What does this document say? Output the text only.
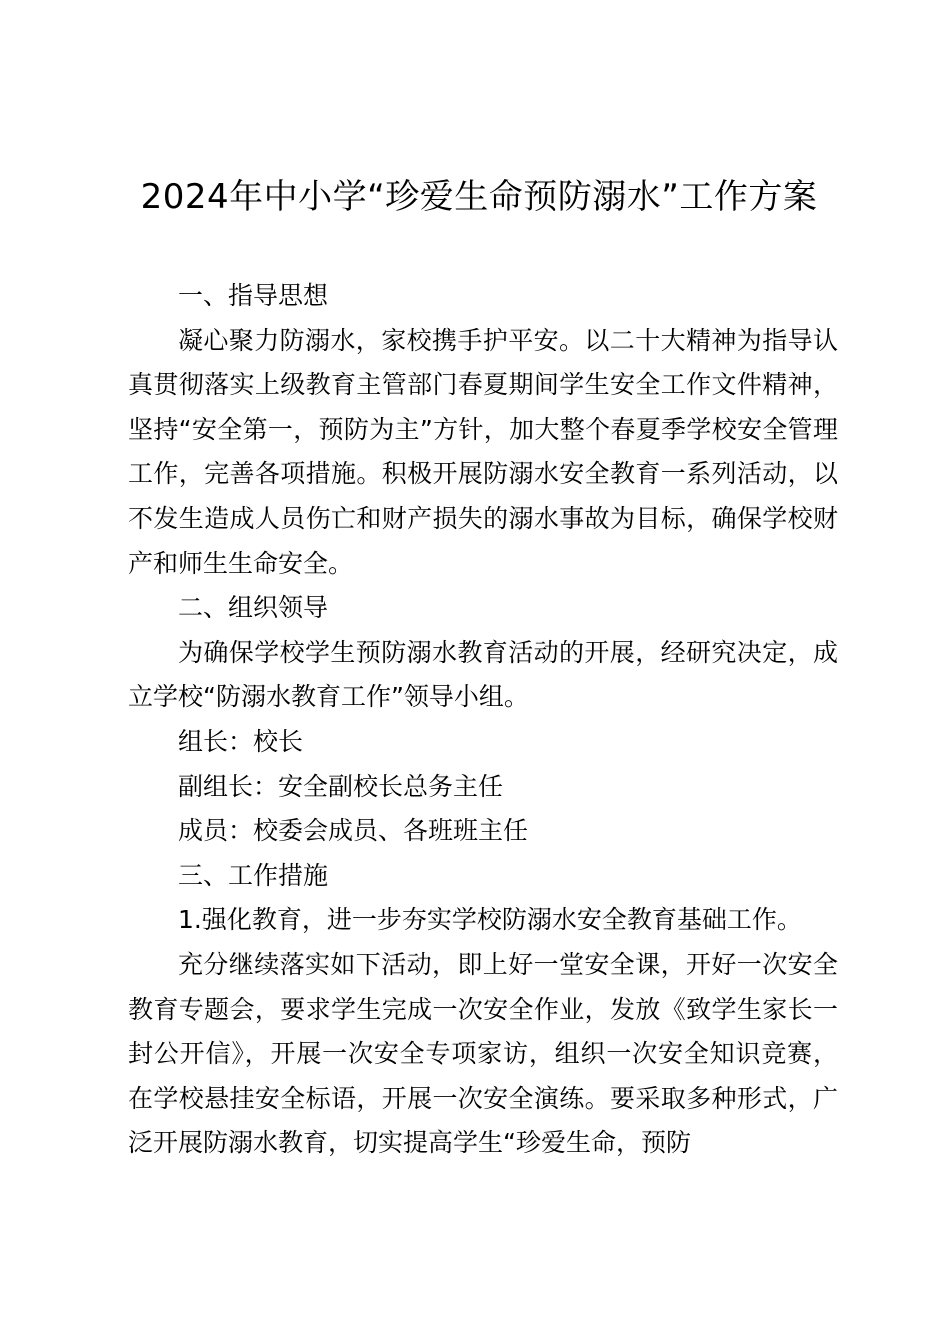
2024年中小学“珍爱生命预防溺水”工作方案

一、指导思想

凝心聚力防溺水，家校携手护平安。以二十大精神为指导认真贯彻落实上级教育主管部门春夏期间学生安全工作文件精神，坚持“安全第一，预防为主”方针，加大整个春夏季学校安全管理工作，完善各项措施。积极开展防溺水安全教育一系列活动，以不发生造成人员伤亡和财产损失的溺水事故为目标，确保学校财产和师生生命安全。

二、组织领导

为确保学校学生预防溺水教育活动的开展，经研究决定，成立学校“防溺水教育工作”领导小组。

组长：校长

副组长：安全副校长总务主任

成员：校委会成员、各班班主任

三、工作措施

1.强化教育，进一步夯实学校防溺水安全教育基础工作。

充分继续落实如下活动，即上好一堂安全课，开好一次安全教育专题会，要求学生完成一次安全作业，发放《致学生家长一封公开信》，开展一次安全专项家访，组织一次安全知识竞赛，在学校悬挂安全标语，开展一次安全演练。要采取多种形式，广泛开展防溺水教育，切实提高学生“珍爱生命，预防
